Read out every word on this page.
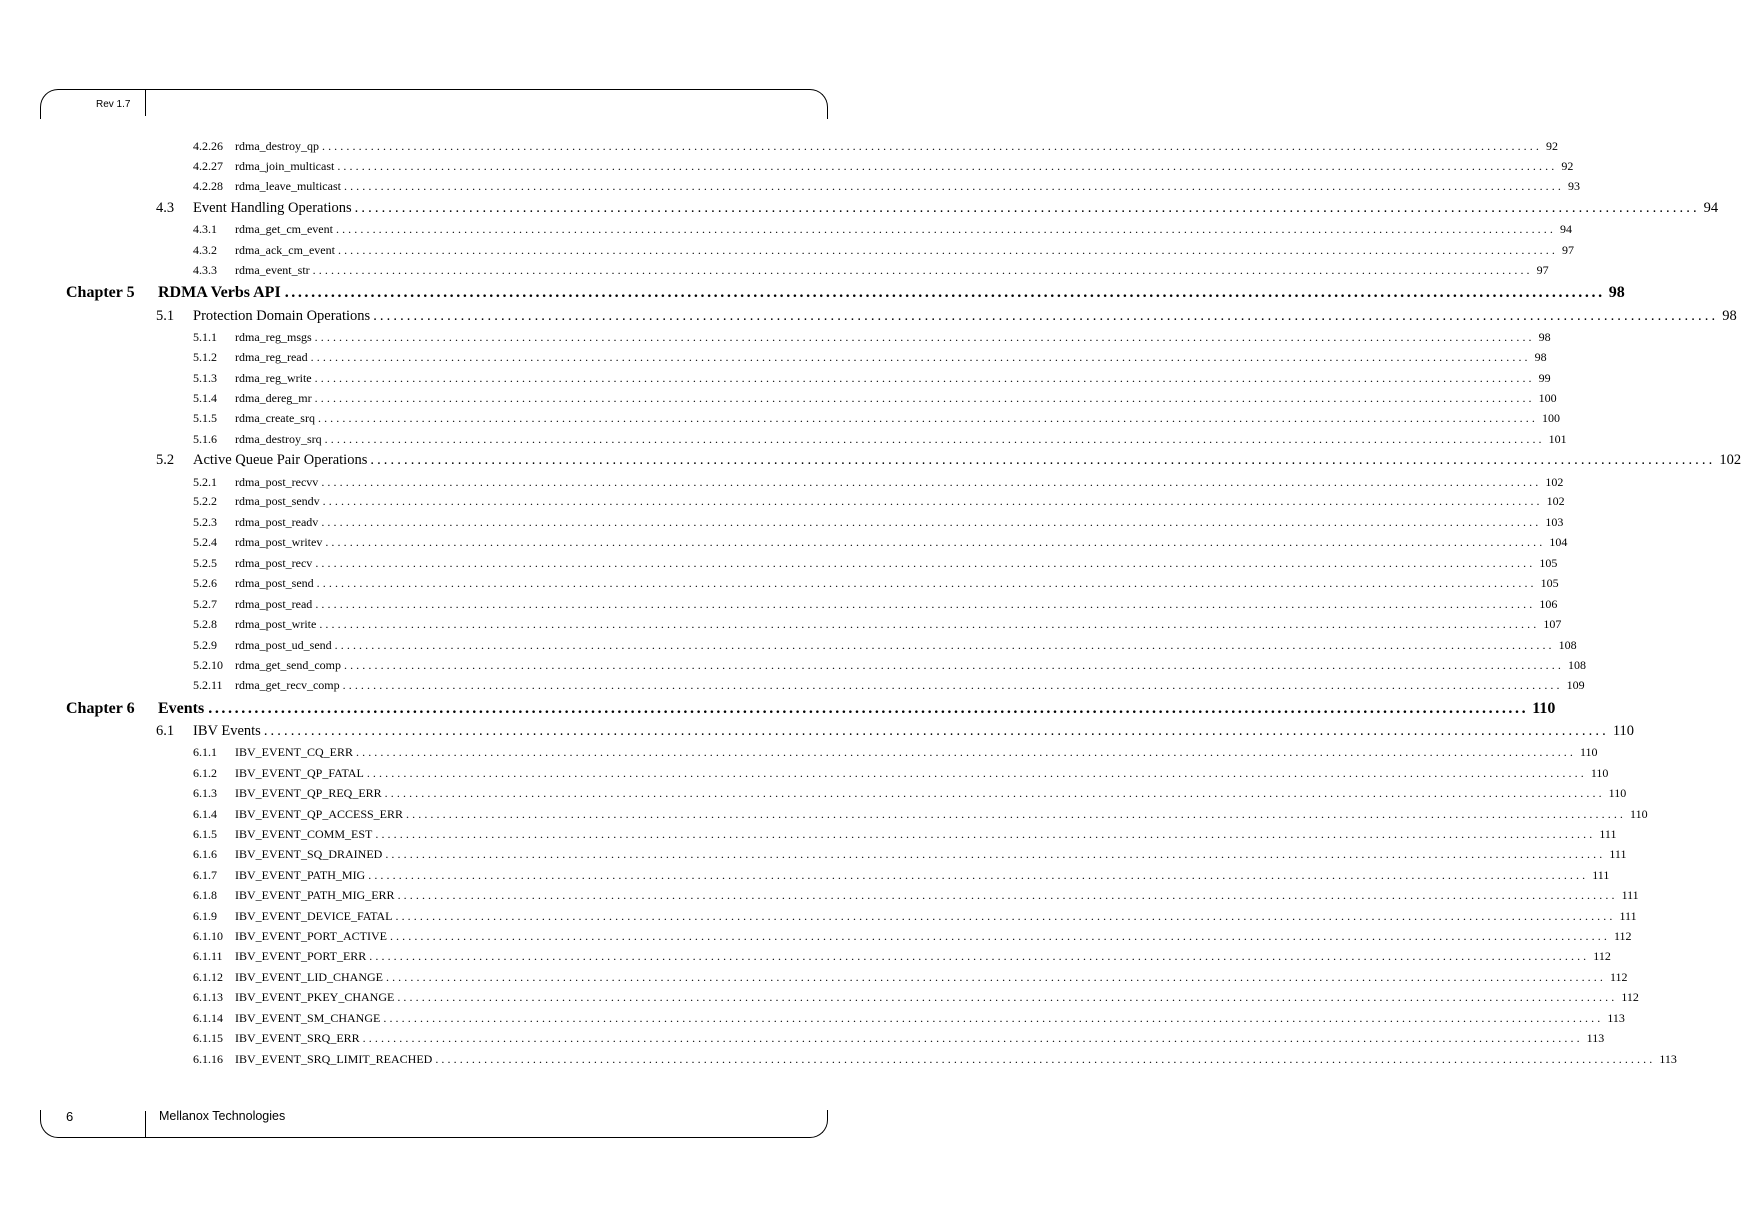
Rev 1.7
4.2.26	rdma_destroy_qp ........................................................................................................................................................................................................ 92
4.2.27	rdma_join_multicast ........................................................................................................................................................................................................ 92
4.2.28	rdma_leave_multicast ........................................................................................................................................................................................................ 93
4.3	Event Handling Operations ........................................................................................................................................................................................................ 94
4.3.1	rdma_get_cm_event ........................................................................................................................................................................................................ 94
4.3.2	rdma_ack_cm_event ........................................................................................................................................................................................................ 97
4.3.3	rdma_event_str ........................................................................................................................................................................................................ 97
Chapter 5	RDMA Verbs API ........................................................................................................................................................................................................ 98
5.1	Protection Domain Operations ........................................................................................................................................................................................................ 98
5.1.1	rdma_reg_msgs ........................................................................................................................................................................................................ 98
5.1.2	rdma_reg_read ........................................................................................................................................................................................................ 98
5.1.3	rdma_reg_write ........................................................................................................................................................................................................ 99
5.1.4	rdma_dereg_mr ........................................................................................................................................................................................................ 100
5.1.5	rdma_create_srq ........................................................................................................................................................................................................ 100
5.1.6	rdma_destroy_srq ........................................................................................................................................................................................................ 101
5.2	Active Queue Pair Operations ........................................................................................................................................................................................................ 102
5.2.1	rdma_post_recvv ........................................................................................................................................................................................................ 102
5.2.2	rdma_post_sendv ........................................................................................................................................................................................................ 102
5.2.3	rdma_post_readv ........................................................................................................................................................................................................ 103
5.2.4	rdma_post_writev ........................................................................................................................................................................................................ 104
5.2.5	rdma_post_recv ........................................................................................................................................................................................................ 105
5.2.6	rdma_post_send ........................................................................................................................................................................................................ 105
5.2.7	rdma_post_read ........................................................................................................................................................................................................ 106
5.2.8	rdma_post_write ........................................................................................................................................................................................................ 107
5.2.9	rdma_post_ud_send ........................................................................................................................................................................................................ 108
5.2.10	rdma_get_send_comp ........................................................................................................................................................................................................ 108
5.2.11	rdma_get_recv_comp ........................................................................................................................................................................................................ 109
Chapter 6	Events ........................................................................................................................................................................................................ 110
6.1	IBV Events ........................................................................................................................................................................................................ 110
6.1.1	IBV_EVENT_CQ_ERR ........................................................................................................................................................................................................ 110
6.1.2	IBV_EVENT_QP_FATAL ........................................................................................................................................................................................................ 110
6.1.3	IBV_EVENT_QP_REQ_ERR ........................................................................................................................................................................................................ 110
6.1.4	IBV_EVENT_QP_ACCESS_ERR ........................................................................................................................................................................................................ 110
6.1.5	IBV_EVENT_COMM_EST ........................................................................................................................................................................................................ 111
6.1.6	IBV_EVENT_SQ_DRAINED ........................................................................................................................................................................................................ 111
6.1.7	IBV_EVENT_PATH_MIG ........................................................................................................................................................................................................ 111
6.1.8	IBV_EVENT_PATH_MIG_ERR ........................................................................................................................................................................................................ 111
6.1.9	IBV_EVENT_DEVICE_FATAL ........................................................................................................................................................................................................ 111
6.1.10	IBV_EVENT_PORT_ACTIVE ........................................................................................................................................................................................................ 112
6.1.11	IBV_EVENT_PORT_ERR ........................................................................................................................................................................................................ 112
6.1.12	IBV_EVENT_LID_CHANGE ........................................................................................................................................................................................................ 112
6.1.13	IBV_EVENT_PKEY_CHANGE ........................................................................................................................................................................................................ 112
6.1.14	IBV_EVENT_SM_CHANGE ........................................................................................................................................................................................................ 113
6.1.15	IBV_EVENT_SRQ_ERR ........................................................................................................................................................................................................ 113
6.1.16	IBV_EVENT_SRQ_LIMIT_REACHED ........................................................................................................................................................................................................ 113
6	Mellanox Technologies
